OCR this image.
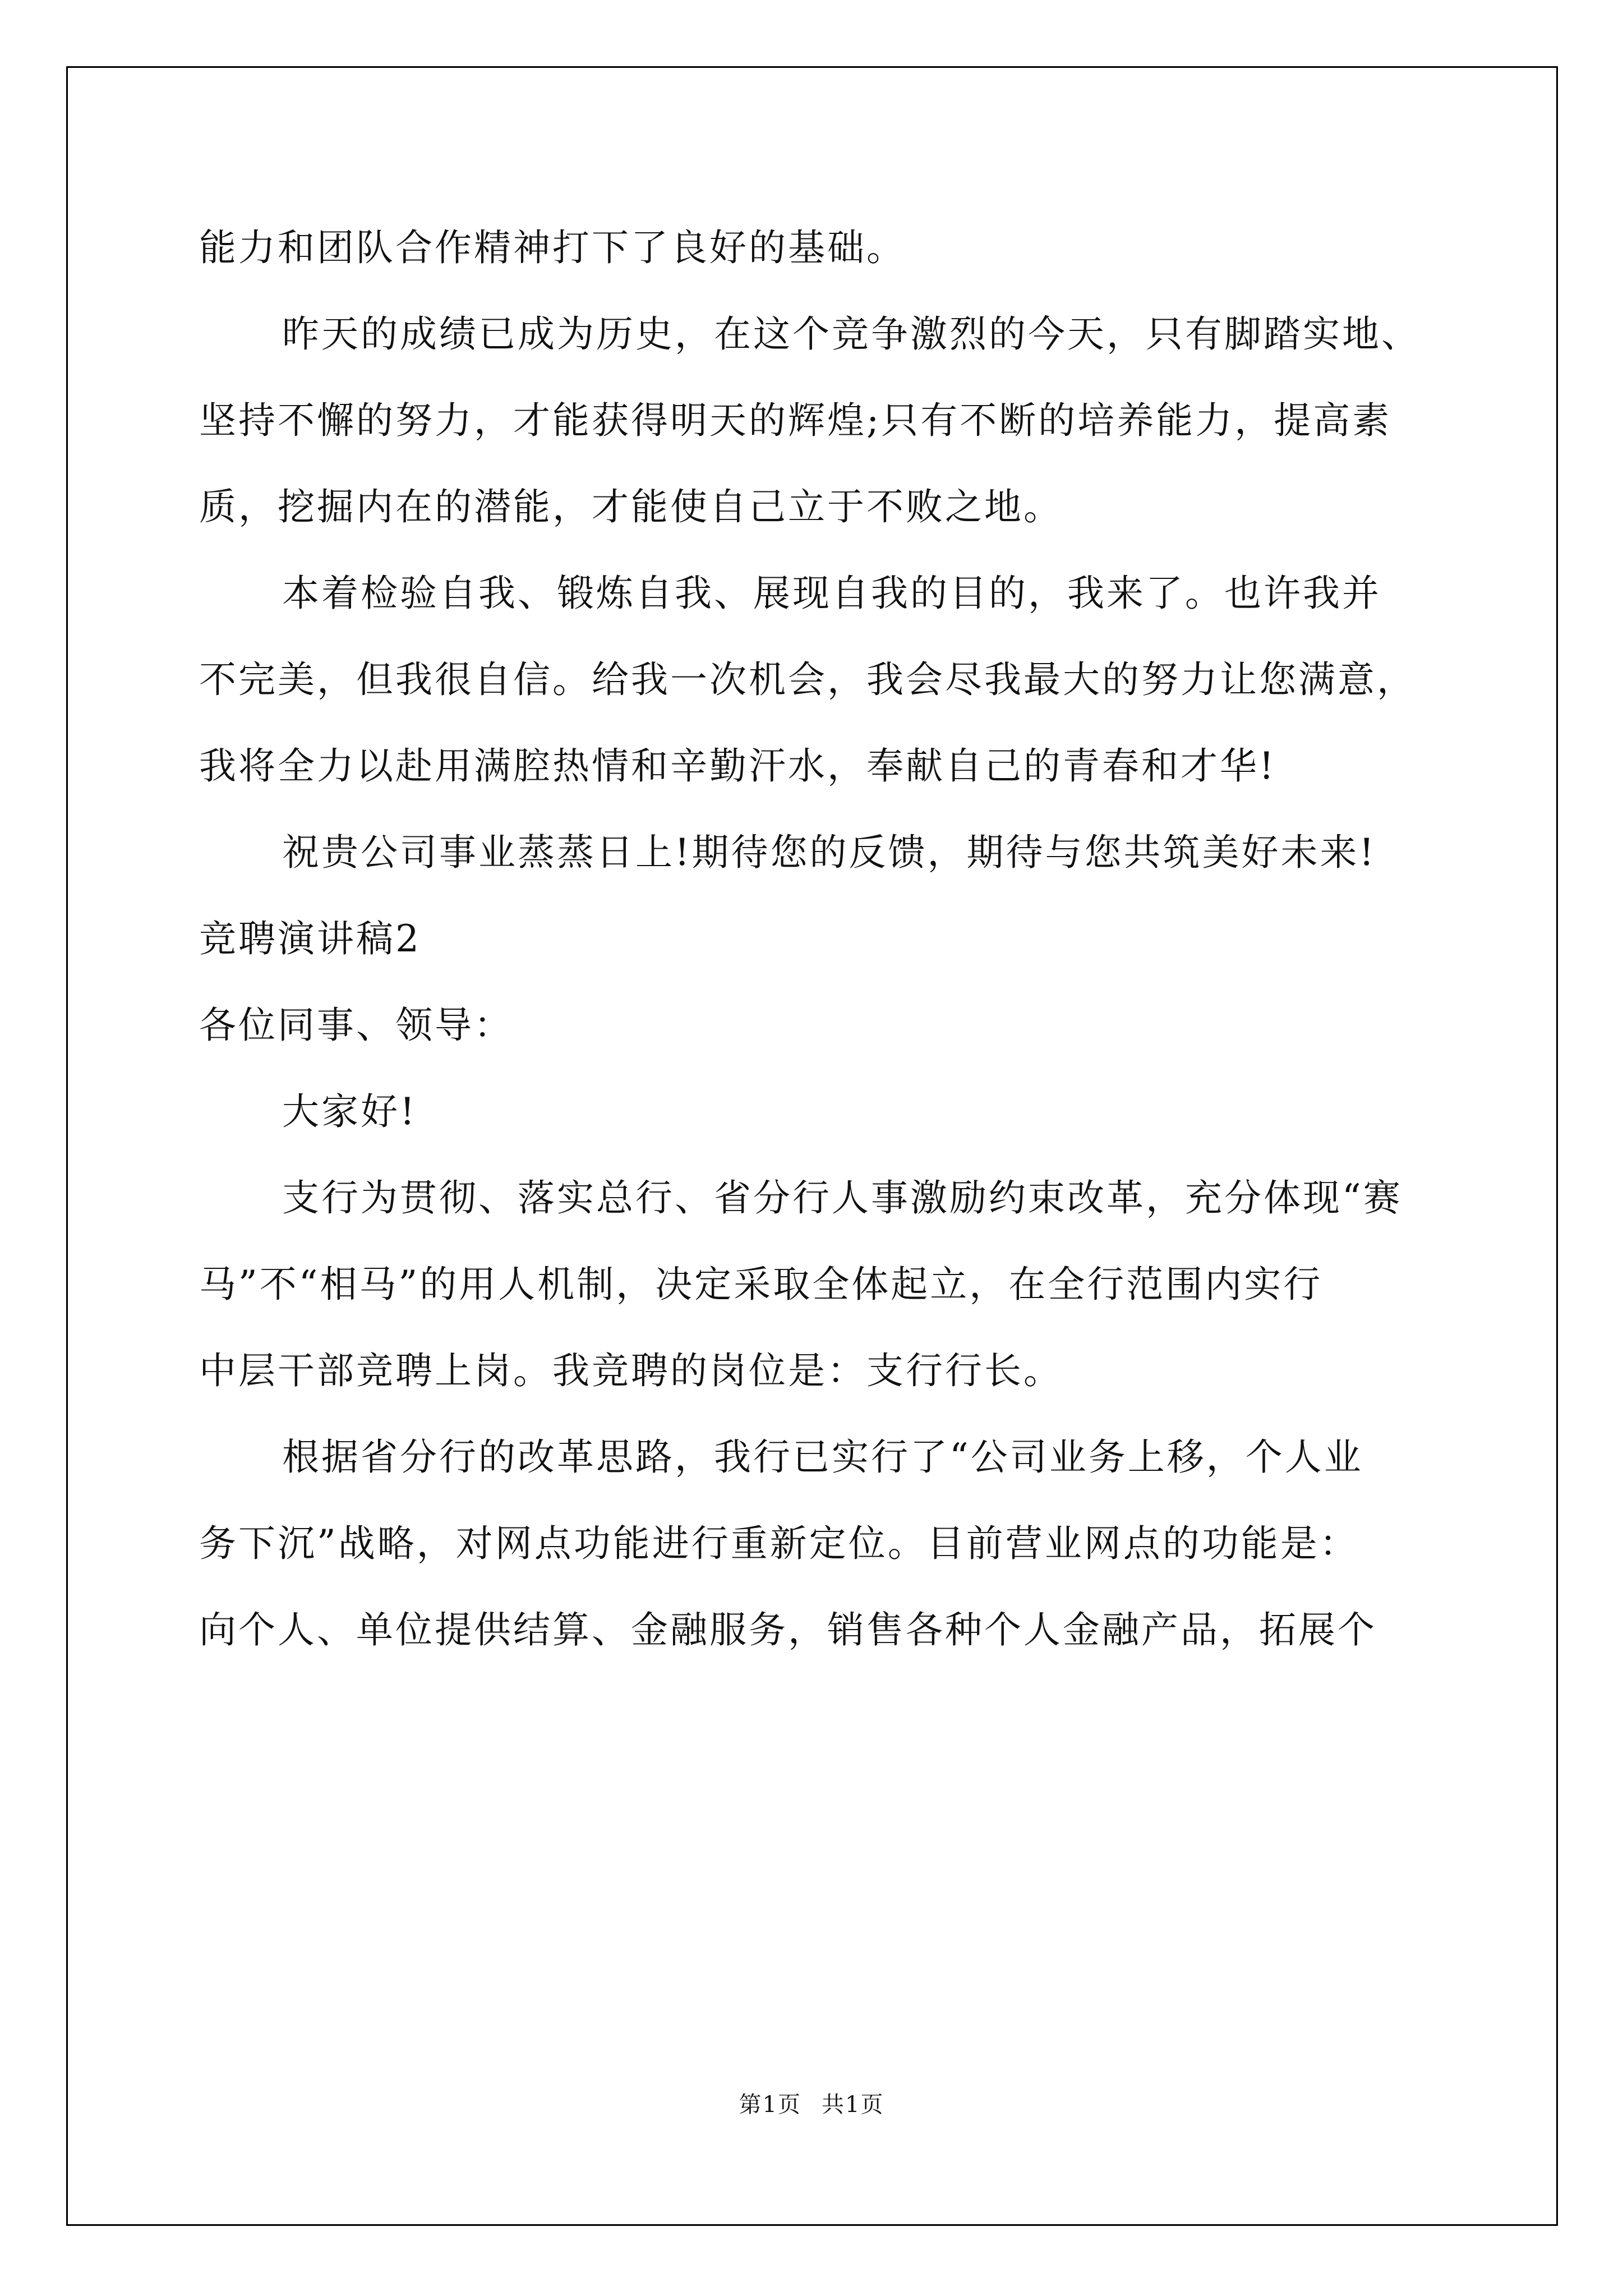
能力和团队合作精神打下了良好的基础。
昨天的成绩已成为历史，在这个竞争激烈的今天，只有脚踏实地、
坚持不懈的努力，才能获得明天的辉煌;只有不断的培养能力，提高素
质，挖掘内在的潜能，才能使自己立于不败之地。
本着检验自我、锻炼自我、展现自我的目的，我来了。也许我并
不完美，但我很自信。给我一次机会，我会尽我最大的努力让您满意，
我将全力以赴用满腔热情和辛勤汗水，奉献自己的青春和才华!
祝贵公司事业蒸蒸日上!期待您的反馈，期待与您共筑美好未来!
竞聘演讲稿2
各位同事、领导：
大家好!
支行为贯彻、落实总行、省分行人事激励约束改革，充分体现“赛
马”不“相马”的用人机制，决定采取全体起立，在全行范围内实行
中层干部竞聘上岗。我竞聘的岗位是：支行行长。
根据省分行的改革思路，我行已实行了“公司业务上移，个人业
务下沉”战略，对网点功能进行重新定位。目前营业网点的功能是：
向个人、单位提供结算、金融服务，销售各种个人金融产品，拓展个
第1页 共1页
